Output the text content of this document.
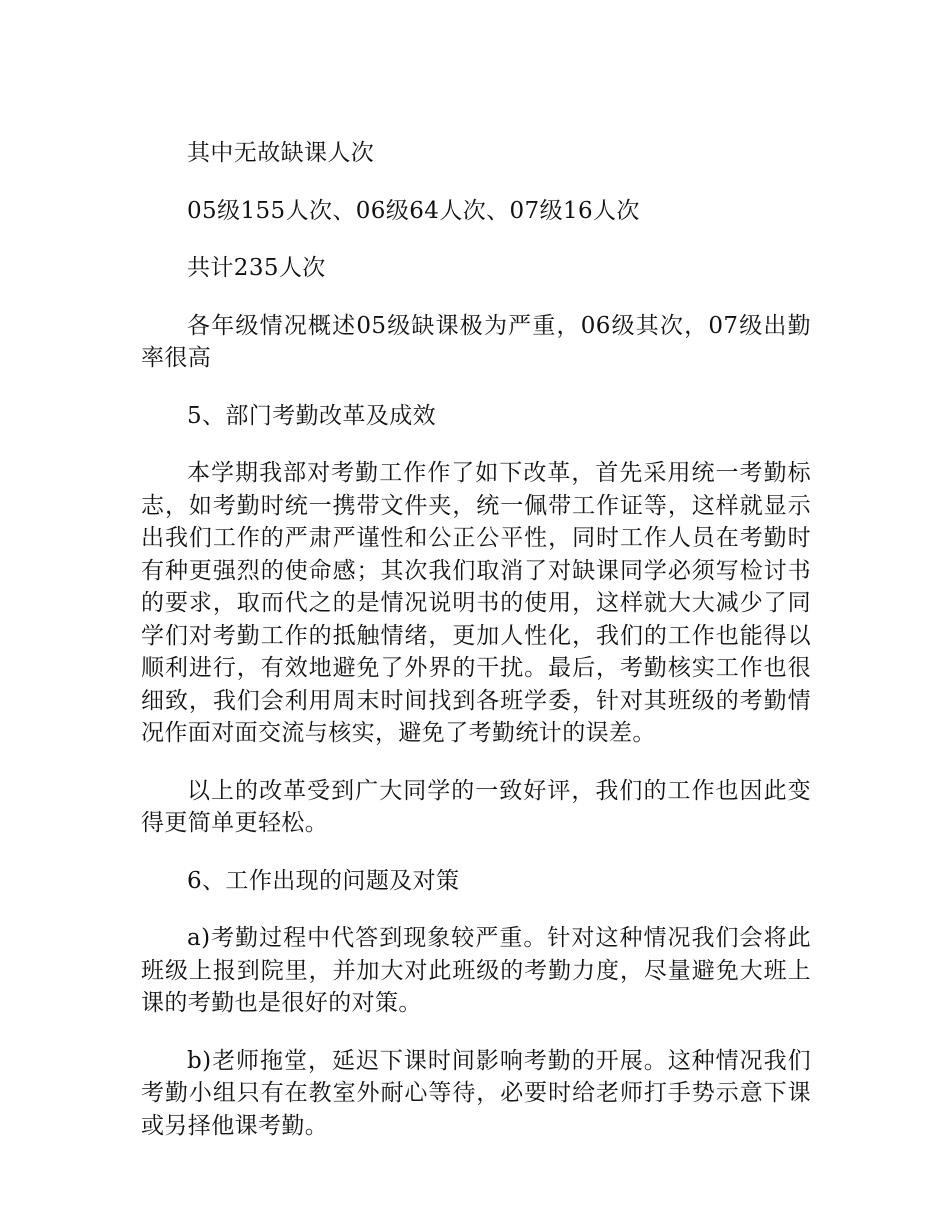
其中无故缺课人次

05级155人次、06级64人次、07级16人次

共计235人次

各年级情况概述05级缺课极为严重，06级其次，07级出勤率很高

5、部门考勤改革及成效

本学期我部对考勤工作作了如下改革，首先采用统一考勤标志，如考勤时统一携带文件夹，统一佩带工作证等，这样就显示出我们工作的严肃严谨性和公正公平性，同时工作人员在考勤时有种更强烈的使命感；其次我们取消了对缺课同学必须写检讨书的要求，取而代之的是情况说明书的使用，这样就大大减少了同学们对考勤工作的抵触情绪，更加人性化，我们的工作也能得以顺利进行，有效地避免了外界的干扰。最后，考勤核实工作也很细致，我们会利用周末时间找到各班学委，针对其班级的考勤情况作面对面交流与核实，避免了考勤统计的误差。

以上的改革受到广大同学的一致好评，我们的工作也因此变得更简单更轻松。

6、工作出现的问题及对策

a)考勤过程中代答到现象较严重。针对这种情况我们会将此班级上报到院里，并加大对此班级的考勤力度，尽量避免大班上课的考勤也是很好的对策。

b)老师拖堂，延迟下课时间影响考勤的开展。这种情况我们考勤小组只有在教室外耐心等待，必要时给老师打手势示意下课或另择他课考勤。
